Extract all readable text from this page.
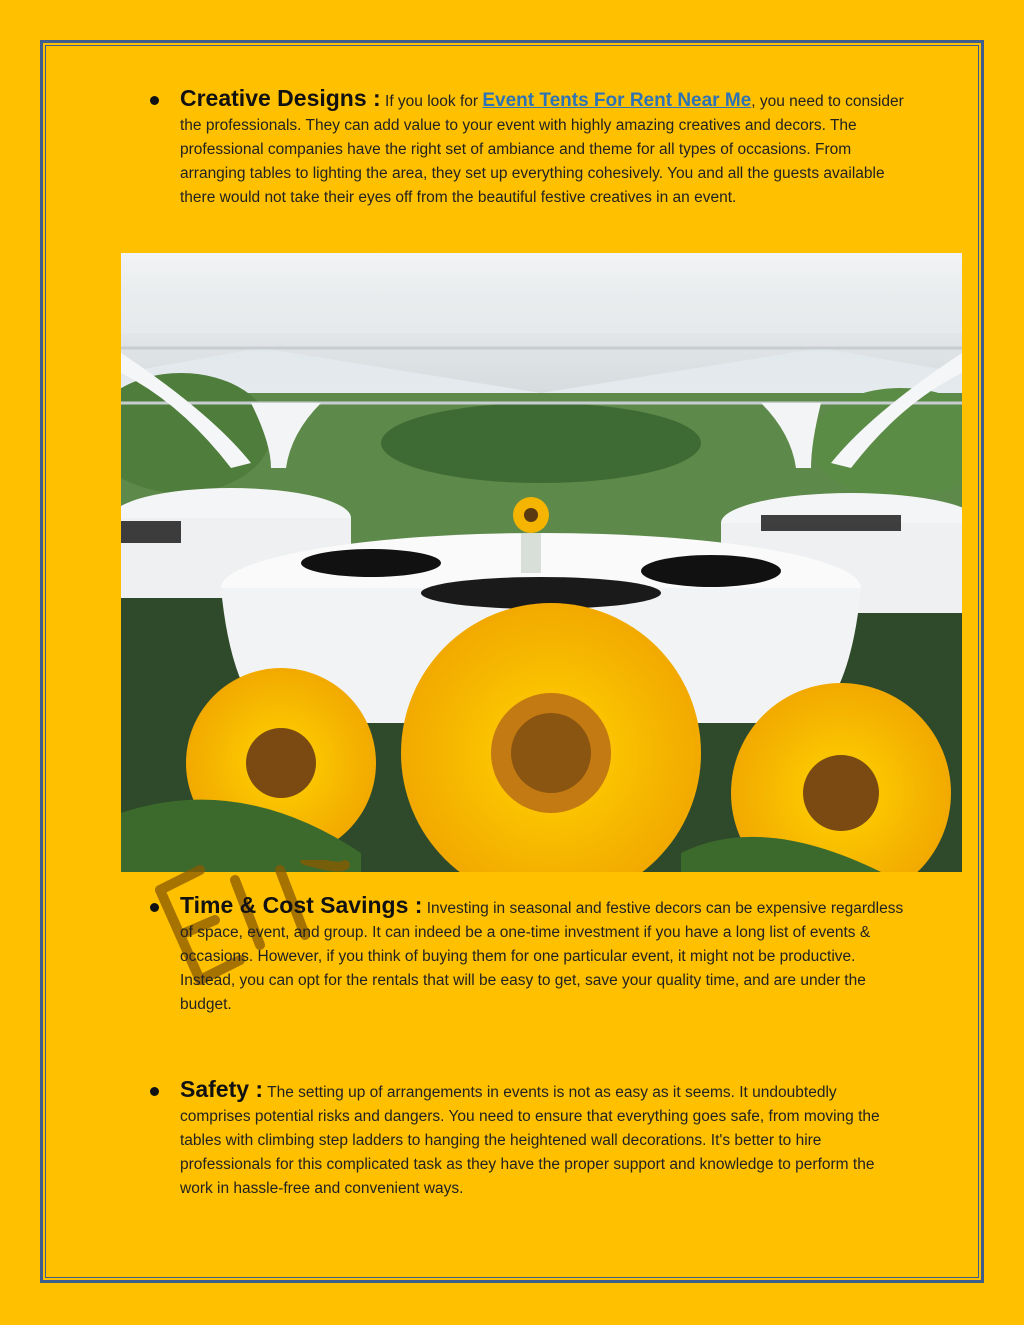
Creative Designs : If you look for Event Tents For Rent Near Me, you need to consider the professionals. They can add value to your event with highly amazing creatives and decors. The professional companies have the right set of ambiance and theme for all types of occasions. From arranging tables to lighting the area, they set up everything cohesively. You and all the guests available there would not take their eyes off from the beautiful festive creatives in an event.
Time & Cost Savings : Investing in seasonal and festive decors can be expensive regardless of space, event, and group. It can indeed be a one-time investment if you have a long list of events & occasions. However, if you think of buying them for one particular event, it might not be productive. Instead, you can opt for the rentals that will be easy to get, save your quality time, and are under the budget.
Safety : The setting up of arrangements in events is not as easy as it seems. It undoubtedly comprises potential risks and dangers. You need to ensure that everything goes safe, from moving the tables with climbing step ladders to hanging the heightened wall decorations. It's better to hire professionals for this complicated task as they have the proper support and knowledge to perform the work in hassle-free and convenient ways.
